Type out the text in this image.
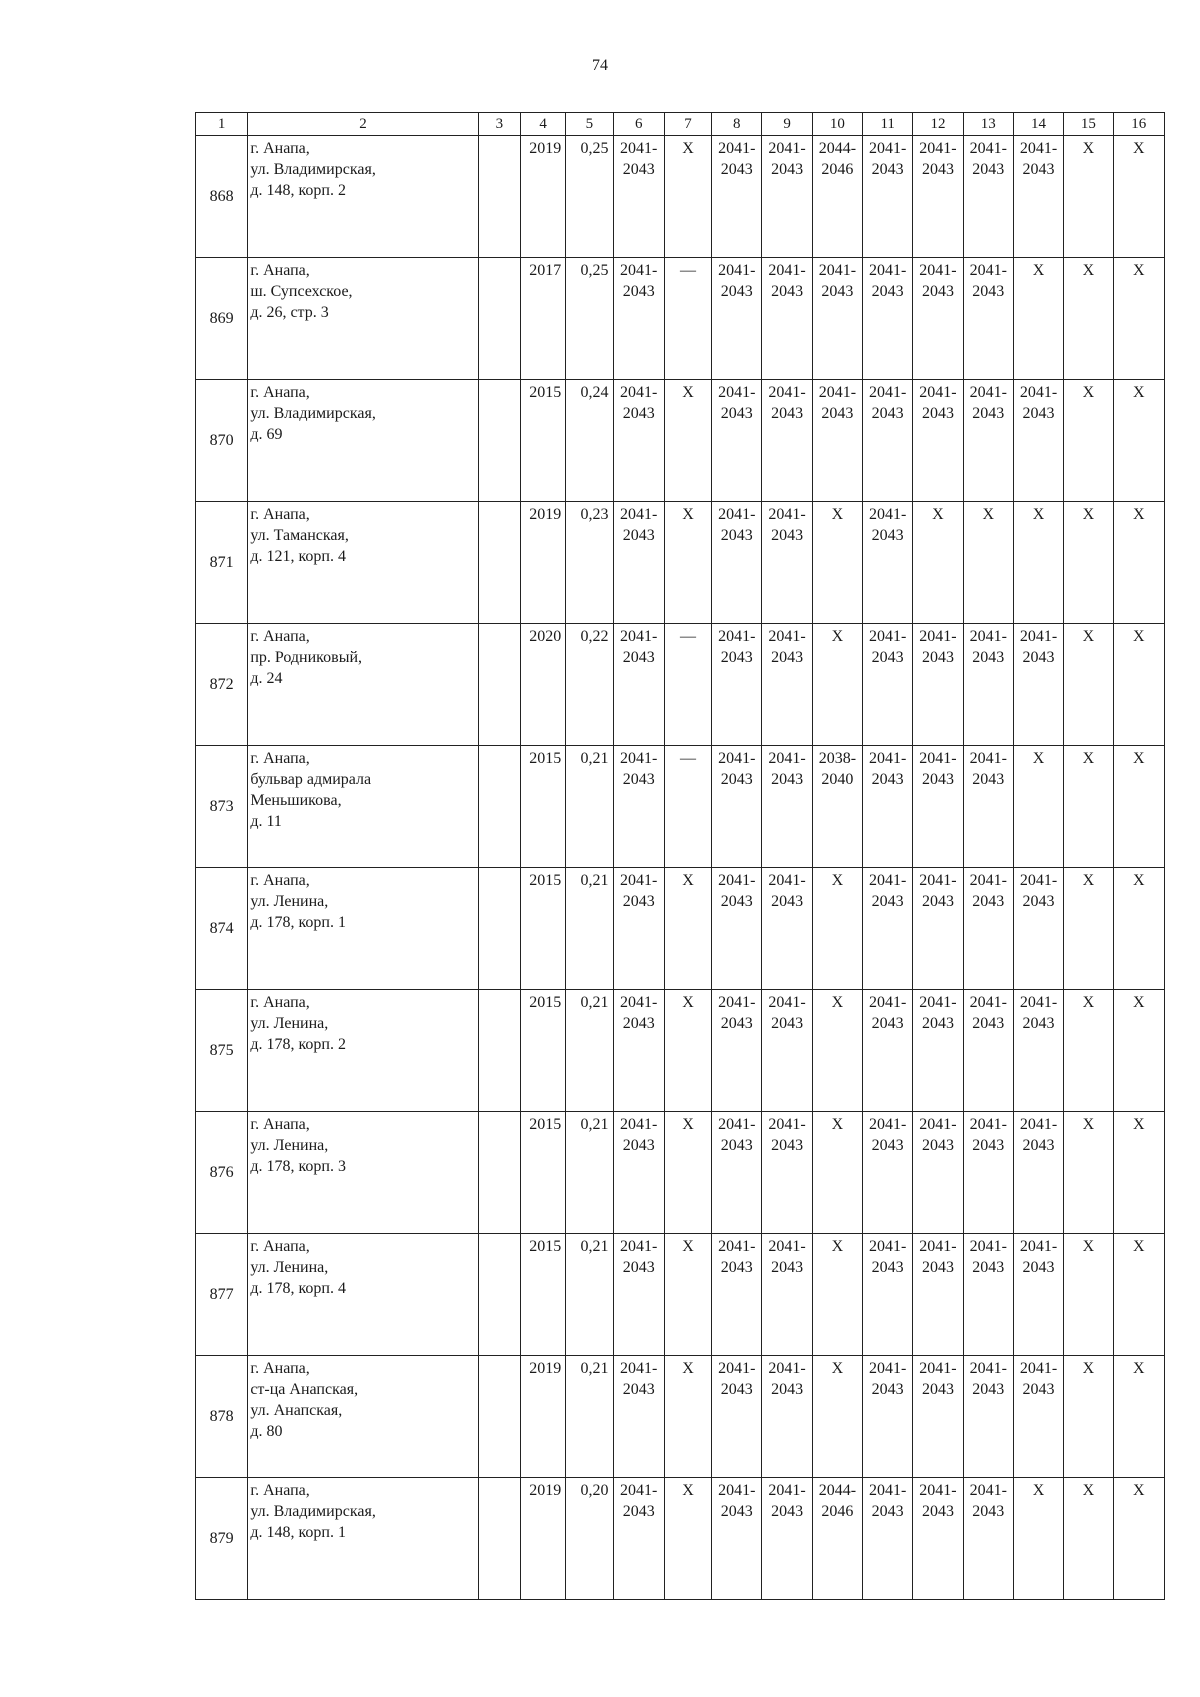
74
1	2	3	4	5	6	7	8	9	10	11	12	13	14	15	16
868	г. Анапа,
ул. Владимирская,
д. 148, корп. 2		2019	0,25	2041-
2043	X	2041-
2043	2041-
2043	2044-
2046	2041-
2043	2041-
2043	2041-
2043	2041-
2043	X	X
869	г. Анапа,
ш. Супсехское,
д. 26, стр. 3		2017	0,25	2041-
2043	—	2041-
2043	2041-
2043	2041-
2043	2041-
2043	2041-
2043	2041-
2043	X	X	X
870	г. Анапа,
ул. Владимирская,
д. 69		2015	0,24	2041-
2043	X	2041-
2043	2041-
2043	2041-
2043	2041-
2043	2041-
2043	2041-
2043	2041-
2043	X	X
871	г. Анапа,
ул. Таманская,
д. 121, корп. 4		2019	0,23	2041-
2043	X	2041-
2043	2041-
2043	X	2041-
2043	X	X	X	X	X
872	г. Анапа,
пр. Родниковый,
д. 24		2020	0,22	2041-
2043	—	2041-
2043	2041-
2043	X	2041-
2043	2041-
2043	2041-
2043	2041-
2043	X	X
873	г. Анапа,
бульвар адмирала
Меньшикова,
д. 11		2015	0,21	2041-
2043	—	2041-
2043	2041-
2043	2038-
2040	2041-
2043	2041-
2043	2041-
2043	X	X	X
874	г. Анапа,
ул. Ленина,
д. 178, корп. 1		2015	0,21	2041-
2043	X	2041-
2043	2041-
2043	X	2041-
2043	2041-
2043	2041-
2043	2041-
2043	X	X
875	г. Анапа,
ул. Ленина,
д. 178, корп. 2		2015	0,21	2041-
2043	X	2041-
2043	2041-
2043	X	2041-
2043	2041-
2043	2041-
2043	2041-
2043	X	X
876	г. Анапа,
ул. Ленина,
д. 178, корп. 3		2015	0,21	2041-
2043	X	2041-
2043	2041-
2043	X	2041-
2043	2041-
2043	2041-
2043	2041-
2043	X	X
877	г. Анапа,
ул. Ленина,
д. 178, корп. 4		2015	0,21	2041-
2043	X	2041-
2043	2041-
2043	X	2041-
2043	2041-
2043	2041-
2043	2041-
2043	X	X
878	г. Анапа,
ст-ца Анапская,
ул. Анапская,
д. 80		2019	0,21	2041-
2043	X	2041-
2043	2041-
2043	X	2041-
2043	2041-
2043	2041-
2043	2041-
2043	X	X
879	г. Анапа,
ул. Владимирская,
д. 148, корп. 1		2019	0,20	2041-
2043	X	2041-
2043	2041-
2043	2044-
2046	2041-
2043	2041-
2043	2041-
2043	X	X	X
